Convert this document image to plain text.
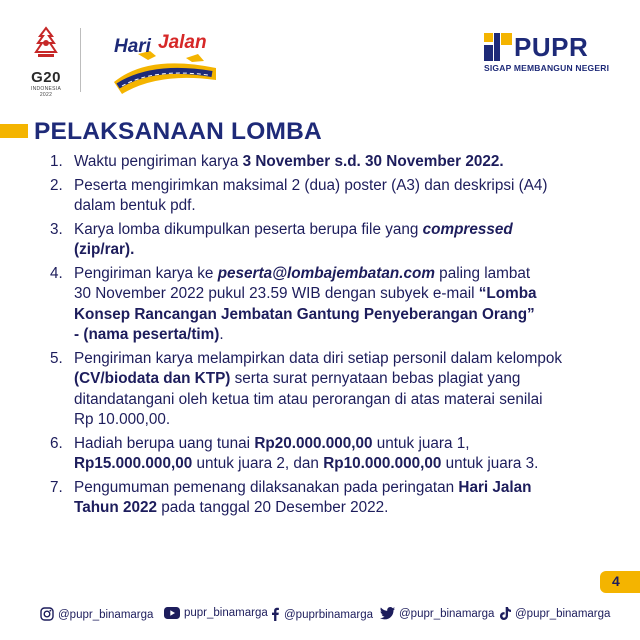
G20
INDONESIA
2022
Hari Jalan	PUPR
SIGAP MEMBANGUN NEGERI
PELAKSANAAN LOMBA
1. Waktu pengiriman karya 3 November s.d. 30 November 2022.
2. Peserta mengirimkan maksimal 2 (dua) poster (A3) dan deskripsi (A4)
dalam bentuk pdf.
3. Karya lomba dikumpulkan peserta berupa file yang compressed
(zip/rar).
4. Pengiriman karya ke peserta@lombajembatan.com paling lambat
30 November 2022 pukul 23.59 WIB dengan subyek e-mail “Lomba
Konsep Rancangan Jembatan Gantung Penyeberangan Orang”
- (nama peserta/tim).
5. Pengiriman karya melampirkan data diri setiap personil dalam kelompok
(CV/biodata dan KTP) serta surat pernyataan bebas plagiat yang
ditandatangani oleh ketua tim atau perorangan di atas materai senilai
Rp 10.000,00.
6. Hadiah berupa uang tunai Rp20.000.000,00 untuk juara 1,
Rp15.000.000,00 untuk juara 2, dan Rp10.000.000,00 untuk juara 3.
7. Pengumuman pemenang dilaksanakan pada peringatan Hari Jalan
Tahun 2022 pada tanggal 20 Desember 2022.
4
@pupr_binamarga	pupr_binamarga	@puprbinamarga	@pupr_binamarga	@pupr_binamarga
